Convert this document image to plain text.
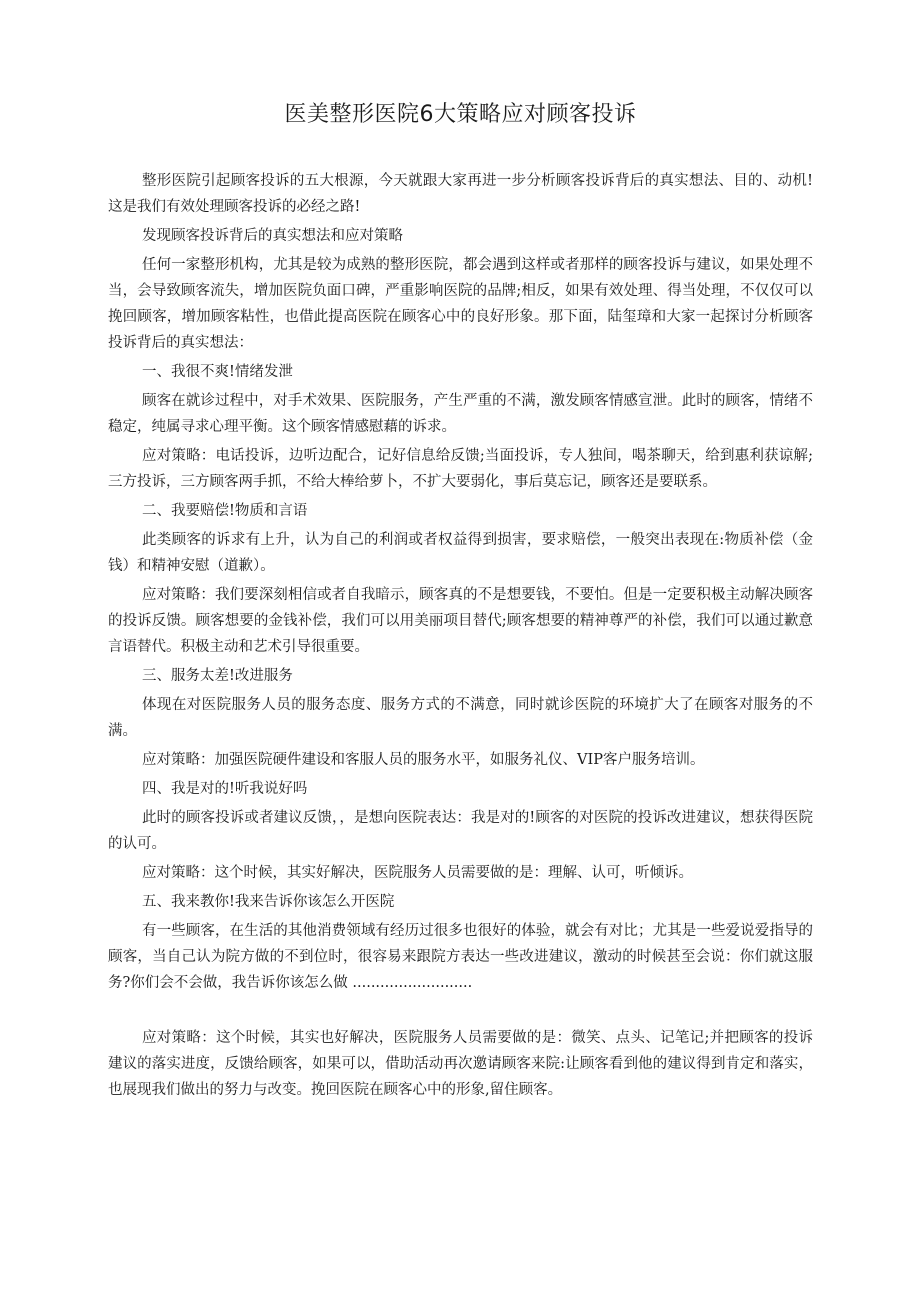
医美整形医院6大策略应对顾客投诉

整形医院引起顾客投诉的五大根源，今天就跟大家再进一步分析顾客投诉背后的真实想法、目的、动机!这是我们有效处理顾客投诉的必经之路!

发现顾客投诉背后的真实想法和应对策略

任何一家整形机构，尤其是较为成熟的整形医院，都会遇到这样或者那样的顾客投诉与建议，如果处理不当，会导致顾客流失，增加医院负面口碑，严重影响医院的品牌;相反，如果有效处理、得当处理，不仅仅可以挽回顾客，增加顾客粘性，也借此提高医院在顾客心中的良好形象。那下面，陆玺璋和大家一起探讨分析顾客投诉背后的真实想法：

一、我很不爽!情绪发泄

顾客在就诊过程中，对手术效果、医院服务，产生严重的不满，激发顾客情感宣泄。此时的顾客，情绪不稳定，纯属寻求心理平衡。这个顾客情感慰藉的诉求。

应对策略：电话投诉，边听边配合，记好信息给反馈;当面投诉，专人独间，喝茶聊天，给到惠利获谅解;三方投诉，三方顾客两手抓，不给大棒给萝卜，不扩大要弱化，事后莫忘记，顾客还是要联系。

二、我要赔偿!物质和言语

此类顾客的诉求有上升，认为自己的利润或者权益得到损害，要求赔偿，一般突出表现在:物质补偿（金钱）和精神安慰（道歉）。

应对策略：我们要深刻相信或者自我暗示，顾客真的不是想要钱，不要怕。但是一定要积极主动解决顾客的投诉反馈。顾客想要的金钱补偿，我们可以用美丽项目替代;顾客想要的精神尊严的补偿，我们可以通过歉意言语替代。积极主动和艺术引导很重要。

三、服务太差!改进服务

体现在对医院服务人员的服务态度、服务方式的不满意，同时就诊医院的环境扩大了在顾客对服务的不满。

应对策略：加强医院硬件建设和客服人员的服务水平，如服务礼仪、VIP客户服务培训。

四、我是对的!听我说好吗

此时的顾客投诉或者建议反馈，，是想向医院表达：我是对的!顾客的对医院的投诉改进建议，想获得医院的认可。

应对策略：这个时候，其实好解决，医院服务人员需要做的是：理解、认可，听倾诉。

五、我来教你!我来告诉你该怎么开医院

有一些顾客，在生活的其他消费领域有经历过很多也很好的体验，就会有对比；尤其是一些爱说爱指导的顾客，当自己认为院方做的不到位时，很容易来跟院方表达一些改进建议，激动的时候甚至会说：你们就这服务?你们会不会做，我告诉你该怎么做 ..........................

应对策略：这个时候，其实也好解决，医院服务人员需要做的是：微笑、点头、记笔记;并把顾客的投诉建议的落实进度，反馈给顾客，如果可以，借助活动再次邀请顾客来院:让顾客看到他的建议得到肯定和落实，也展现我们做出的努力与改变。挽回医院在顾客心中的形象,留住顾客。
